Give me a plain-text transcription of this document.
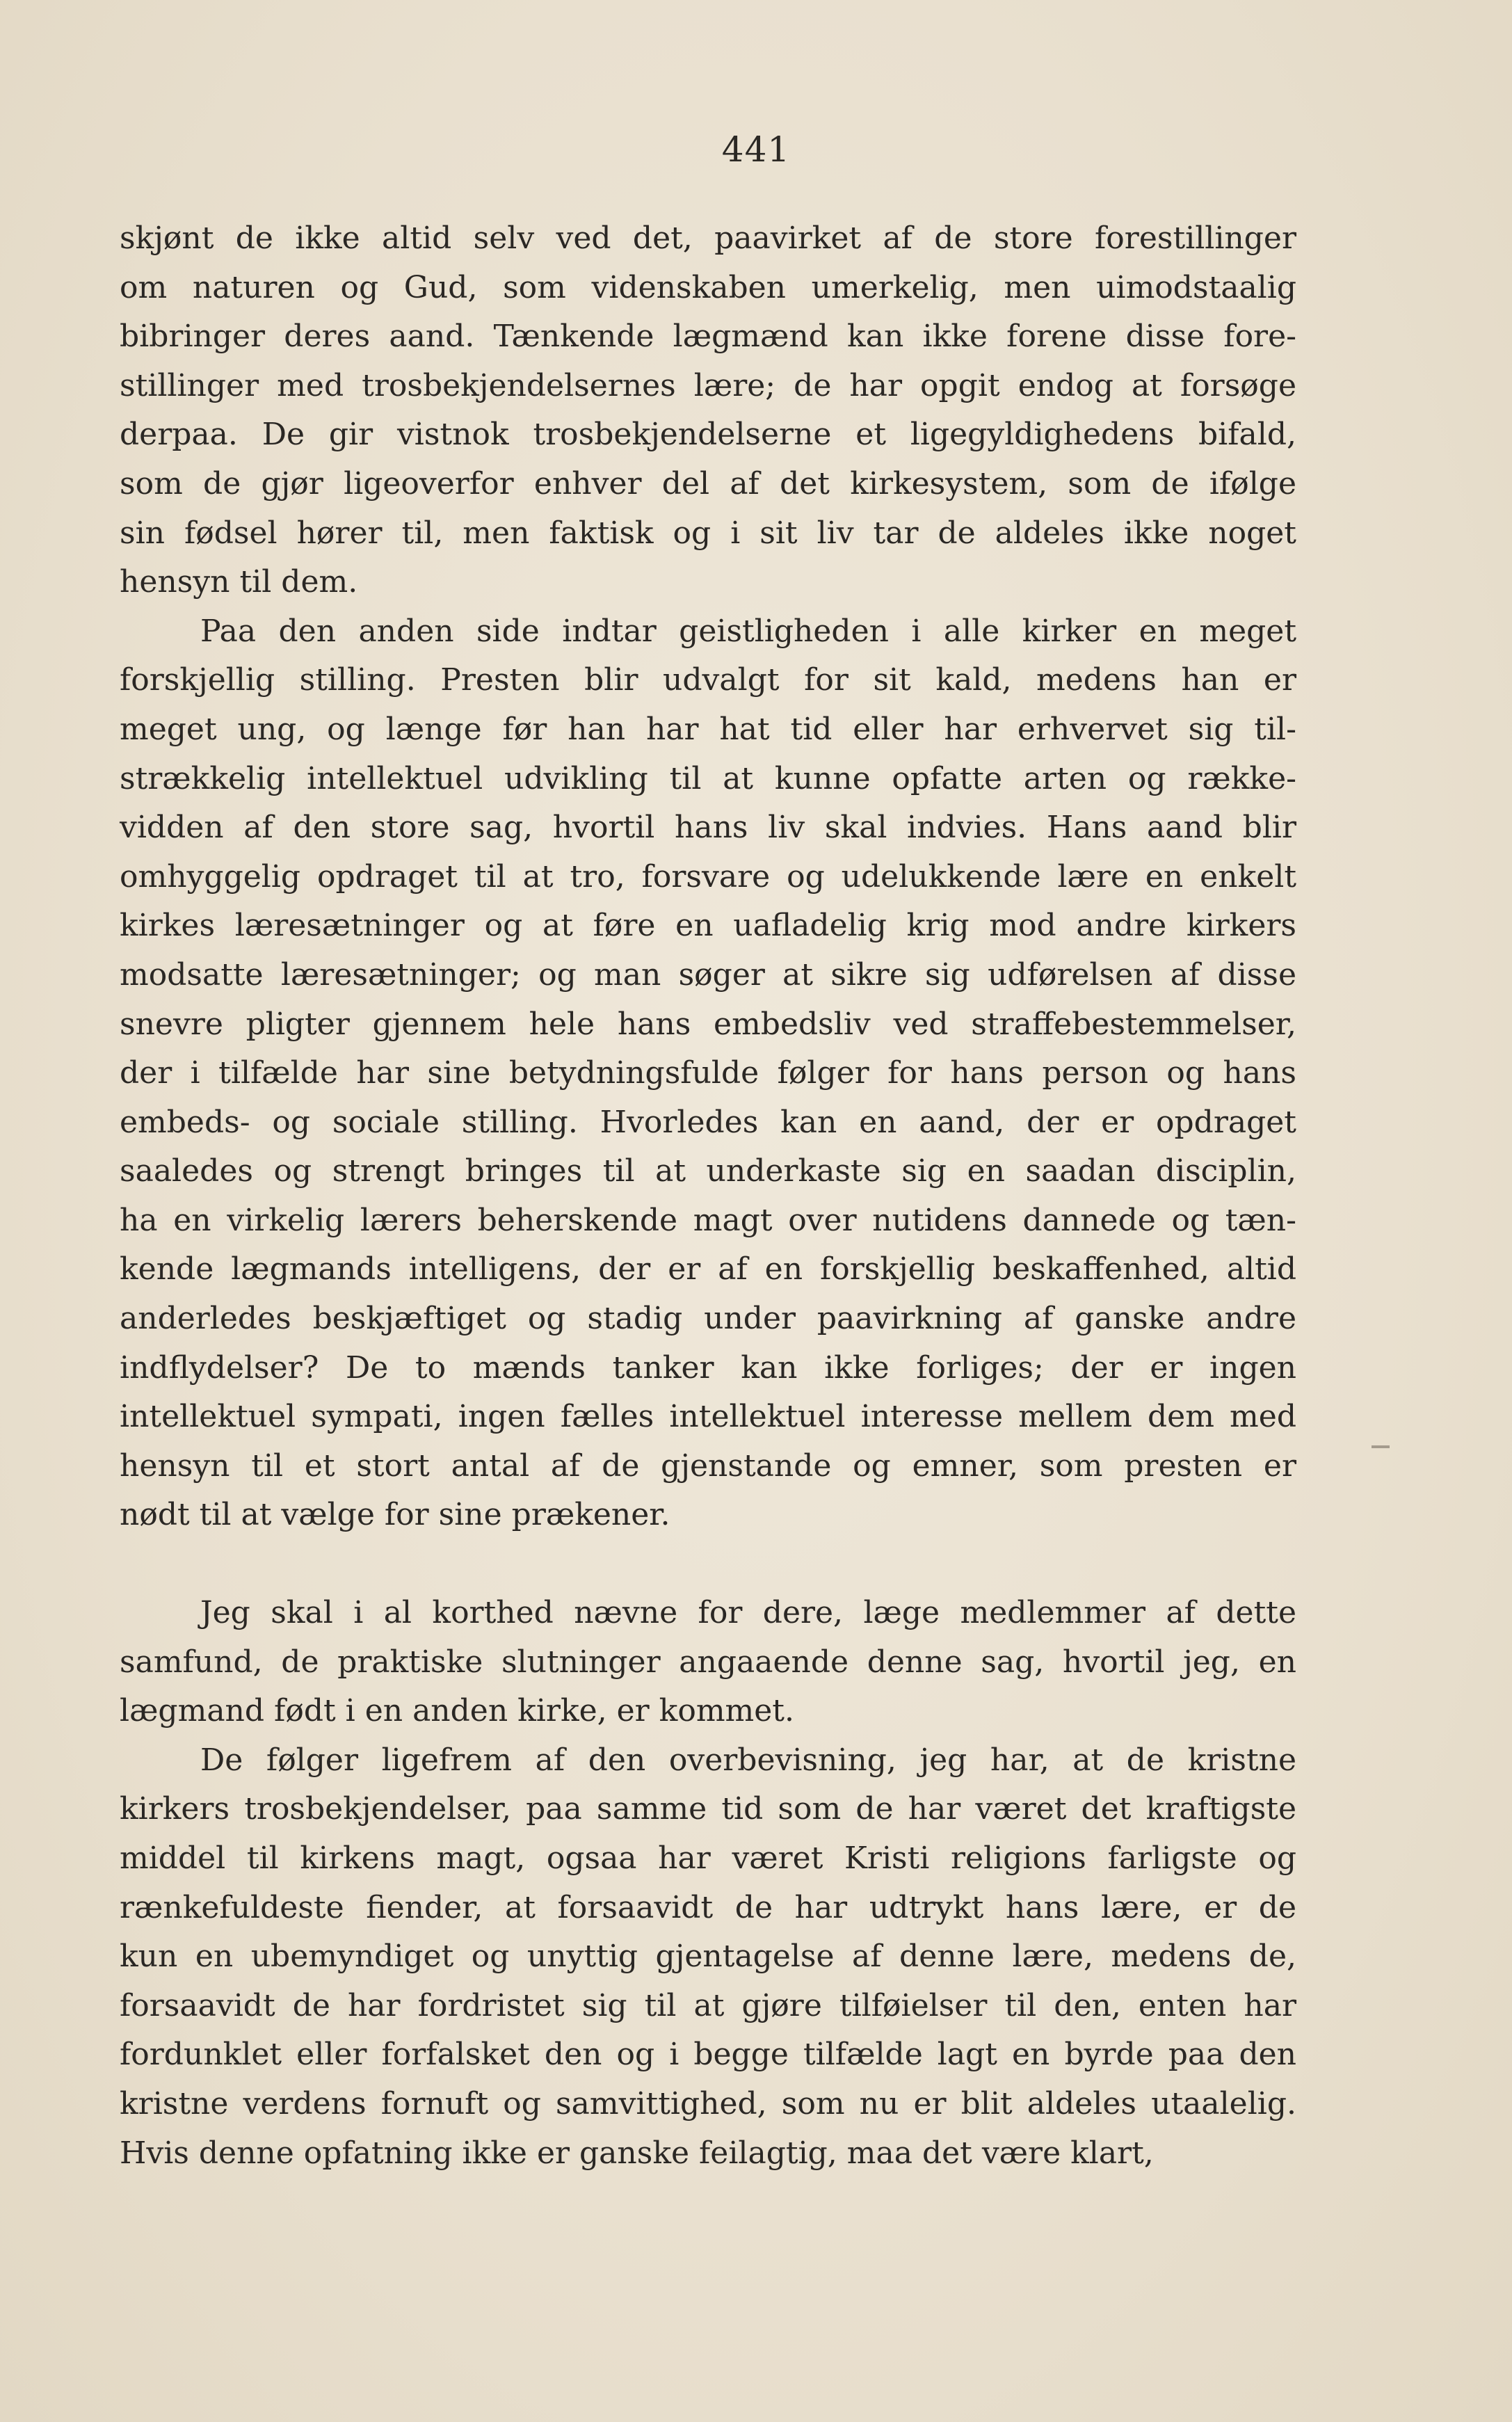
441
skjønt de ikke altid selv ved det, paavirket af de store forestillinger
om naturen og Gud, som videnskaben umerkelig, men uimodstaalig
bibringer deres aand. Tænkende lægmænd kan ikke forene disse fore-
stillinger med trosbekjendelsernes lære; de har opgit endog at forsøge
derpaa. De gir vistnok trosbekjendelserne et ligegyldighedens bifald,
som de gjør ligeoverfor enhver del af det kirkesystem, som de ifølge
sin fødsel hører til, men faktisk og i sit liv tar de aldeles ikke noget
hensyn til dem.
Paa den anden side indtar geistligheden i alle kirker en meget
forskjellig stilling. Presten blir udvalgt for sit kald, medens han er
meget ung, og længe før han har hat tid eller har erhvervet sig til-
strækkelig intellektuel udvikling til at kunne opfatte arten og række-
vidden af den store sag, hvortil hans liv skal indvies. Hans aand blir
omhyggelig opdraget til at tro, forsvare og udelukkende lære en enkelt
kirkes læresætninger og at føre en uafladelig krig mod andre kirkers
modsatte læresætninger; og man søger at sikre sig udførelsen af disse
snevre pligter gjennem hele hans embedsliv ved straffebestemmelser,
der i tilfælde har sine betydningsfulde følger for hans person og hans
embeds- og sociale stilling. Hvorledes kan en aand, der er opdraget
saaledes og strengt bringes til at underkaste sig en saadan disciplin,
ha en virkelig lærers beherskende magt over nutidens dannede og tæn-
kende lægmands intelligens, der er af en forskjellig beskaffenhed, altid
anderledes beskjæftiget og stadig under paavirkning af ganske andre
indflydelser? De to mænds tanker kan ikke forliges; der er ingen
intellektuel sympati, ingen fælles intellektuel interesse mellem dem med
hensyn til et stort antal af de gjenstande og emner, som presten er
nødt til at vælge for sine prækener.
Jeg skal i al korthed nævne for dere, læge medlemmer af dette
samfund, de praktiske slutninger angaaende denne sag, hvortil jeg, en
lægmand født i en anden kirke, er kommet.
De følger ligefrem af den overbevisning, jeg har, at de kristne
kirkers trosbekjendelser, paa samme tid som de har været det kraftigste
middel til kirkens magt, ogsaa har været Kristi religions farligste og
rænkefuldeste fiender, at forsaavidt de har udtrykt hans lære, er de
kun en ubemyndiget og unyttig gjentagelse af denne lære, medens de,
forsaavidt de har fordristet sig til at gjøre tilføielser til den, enten har
fordunklet eller forfalsket den og i begge tilfælde lagt en byrde paa den
kristne verdens fornuft og samvittighed, som nu er blit aldeles utaalelig.
Hvis denne opfatning ikke er ganske feilagtig, maa det være klart,
